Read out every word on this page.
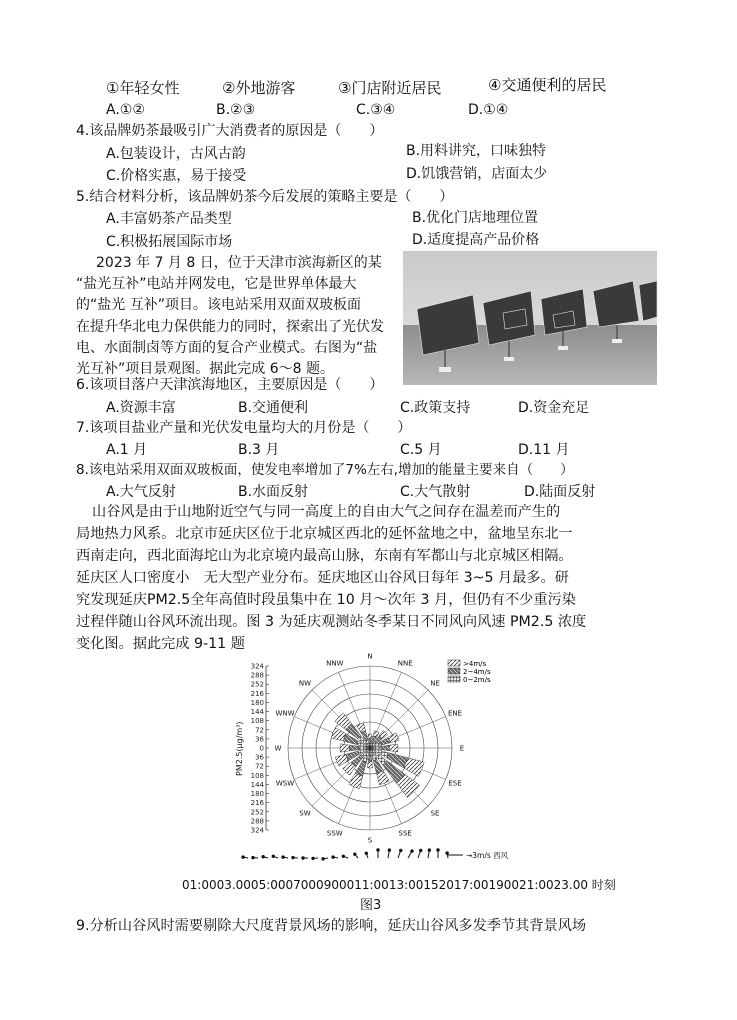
①年轻女性	②外地游客	③门店附近居民	④交通便利的居民
A.①②	B.②③	C.③④	D.①④
4.该品牌奶茶最吸引广大消费者的原因是（　　）
A.包装设计，古风古韵	B.用料讲究，口味独特
C.价格实惠，易于接受	D.饥饿营销，店面太少
5.结合材料分析，该品牌奶茶今后发展的策略主要是（　　）
A.丰富奶茶产品类型	B.优化门店地理位置
C.积极拓展国际市场	D.适度提高产品价格
2023 年 7 月 8 日，位于天津市滨海新区的某
“盐光互补”电站并网发电，它是世界单体最大
的“盐光 互补”项目。该电站采用双面双玻板面
在提升华北电力保供能力的同时，探索出了光伏发
电、水面制卤等方面的复合产业模式。右图为“盐
光互补”项目景观图。据此完成 6～8 题。
6.该项目落户天津滨海地区，主要原因是（　　）
A.资源丰富	B.交通便利	C.政策支持	D.资金充足
7.该项目盐业产量和光伏发电量均大的月份是（　　）
A.1 月	B.3 月	C.5 月	D.11 月
8.该电站采用双面双玻板面，使发电率增加了7%左右,增加的能量主要来自（　　）
A.大气反射	B.水面反射	C.大气散射	D.陆面反射
山谷风是由于山地附近空气与同一高度上的自由大气之间存在温差而产生的
局地热力风系。北京市延庆区位于北京城区西北的延怀盆地之中，盆地呈东北一
西南走向，西北面海坨山为北京境内最高山脉，东南有军都山与北京城区相隔。
延庆区人口密度小　无大型产业分布。延庆地区山谷风日每年 3~5 月最多。研
究发现延庆PM2.5全年高值时段虽集中在 10 月～次年 3 月，但仍有不少重污染
过程伴随山谷风环流出现。图 3 为延庆观测站冬季某日不同风向风速 PM2.5 浓度
变化图。据此完成 9-11 题
324
288
252
216
180
144
108
72
36
0
36
72
108
144
180
216
252
288
324
PM2.5(μg/m³)
N
NNE
NE
ENE
E
ESE
SE
SSE
S
SSW
SW
WSW
W
WNW
NW
NNW	>4m/s
2~4m/s
0~2m/s
→3m/s 西风
01:0003.0005:0007000900011:0013:00152017:00190021:0023.00 时刻
图3
9.分析山谷风时需要剔除大尺度背景风场的影响，延庆山谷风多发季节其背景风场
